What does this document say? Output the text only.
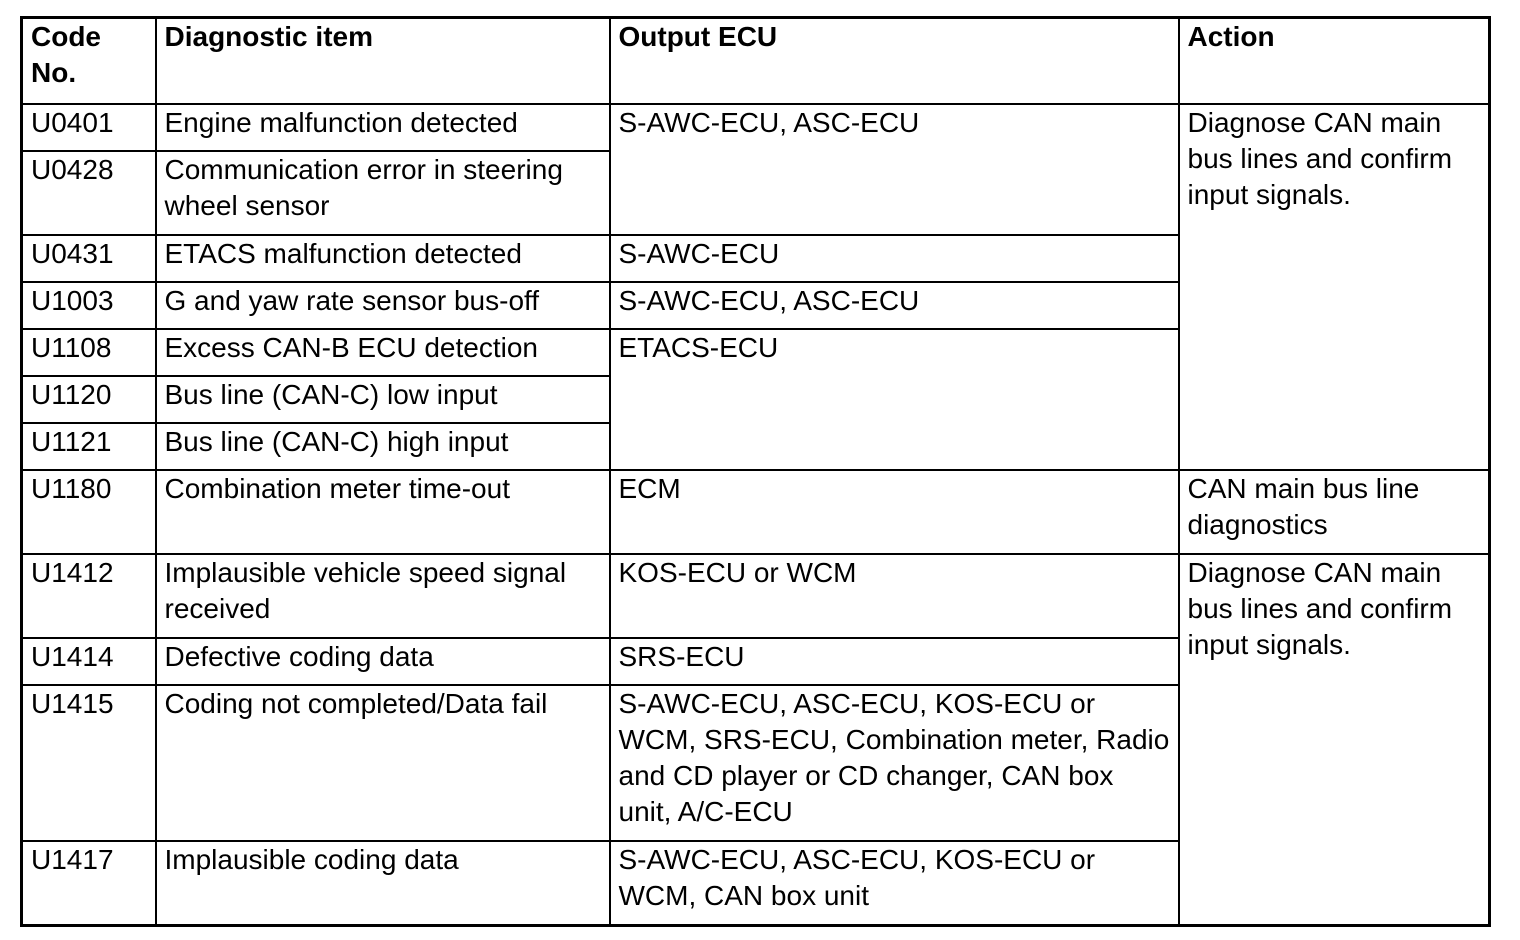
Code No.	Diagnostic item	Output ECU	Action
U0401	Engine malfunction detected	S-AWC-ECU, ASC-ECU	Diagnose CAN main bus lines and confirm input signals.
U0428	Communication error in steering wheel sensor		
U0431	ETACS malfunction detected	S-AWC-ECU	
U1003	G and yaw rate sensor bus-off	S-AWC-ECU, ASC-ECU	
U1108	Excess CAN-B ECU detection	ETACS-ECU	
U1120	Bus line (CAN-C) low input		
U1121	Bus line (CAN-C) high input		
U1180	Combination meter time-out	ECM	CAN main bus line diagnostics
U1412	Implausible vehicle speed signal received	KOS-ECU or WCM	Diagnose CAN main bus lines and confirm input signals.
U1414	Defective coding data	SRS-ECU	
U1415	Coding not completed/Data fail	S-AWC-ECU, ASC-ECU, KOS-ECU or WCM, SRS-ECU, Combination meter, Radio and CD player or CD changer, CAN box unit, A/C-ECU	
U1417	Implausible coding data	S-AWC-ECU, ASC-ECU, KOS-ECU or WCM, CAN box unit	
